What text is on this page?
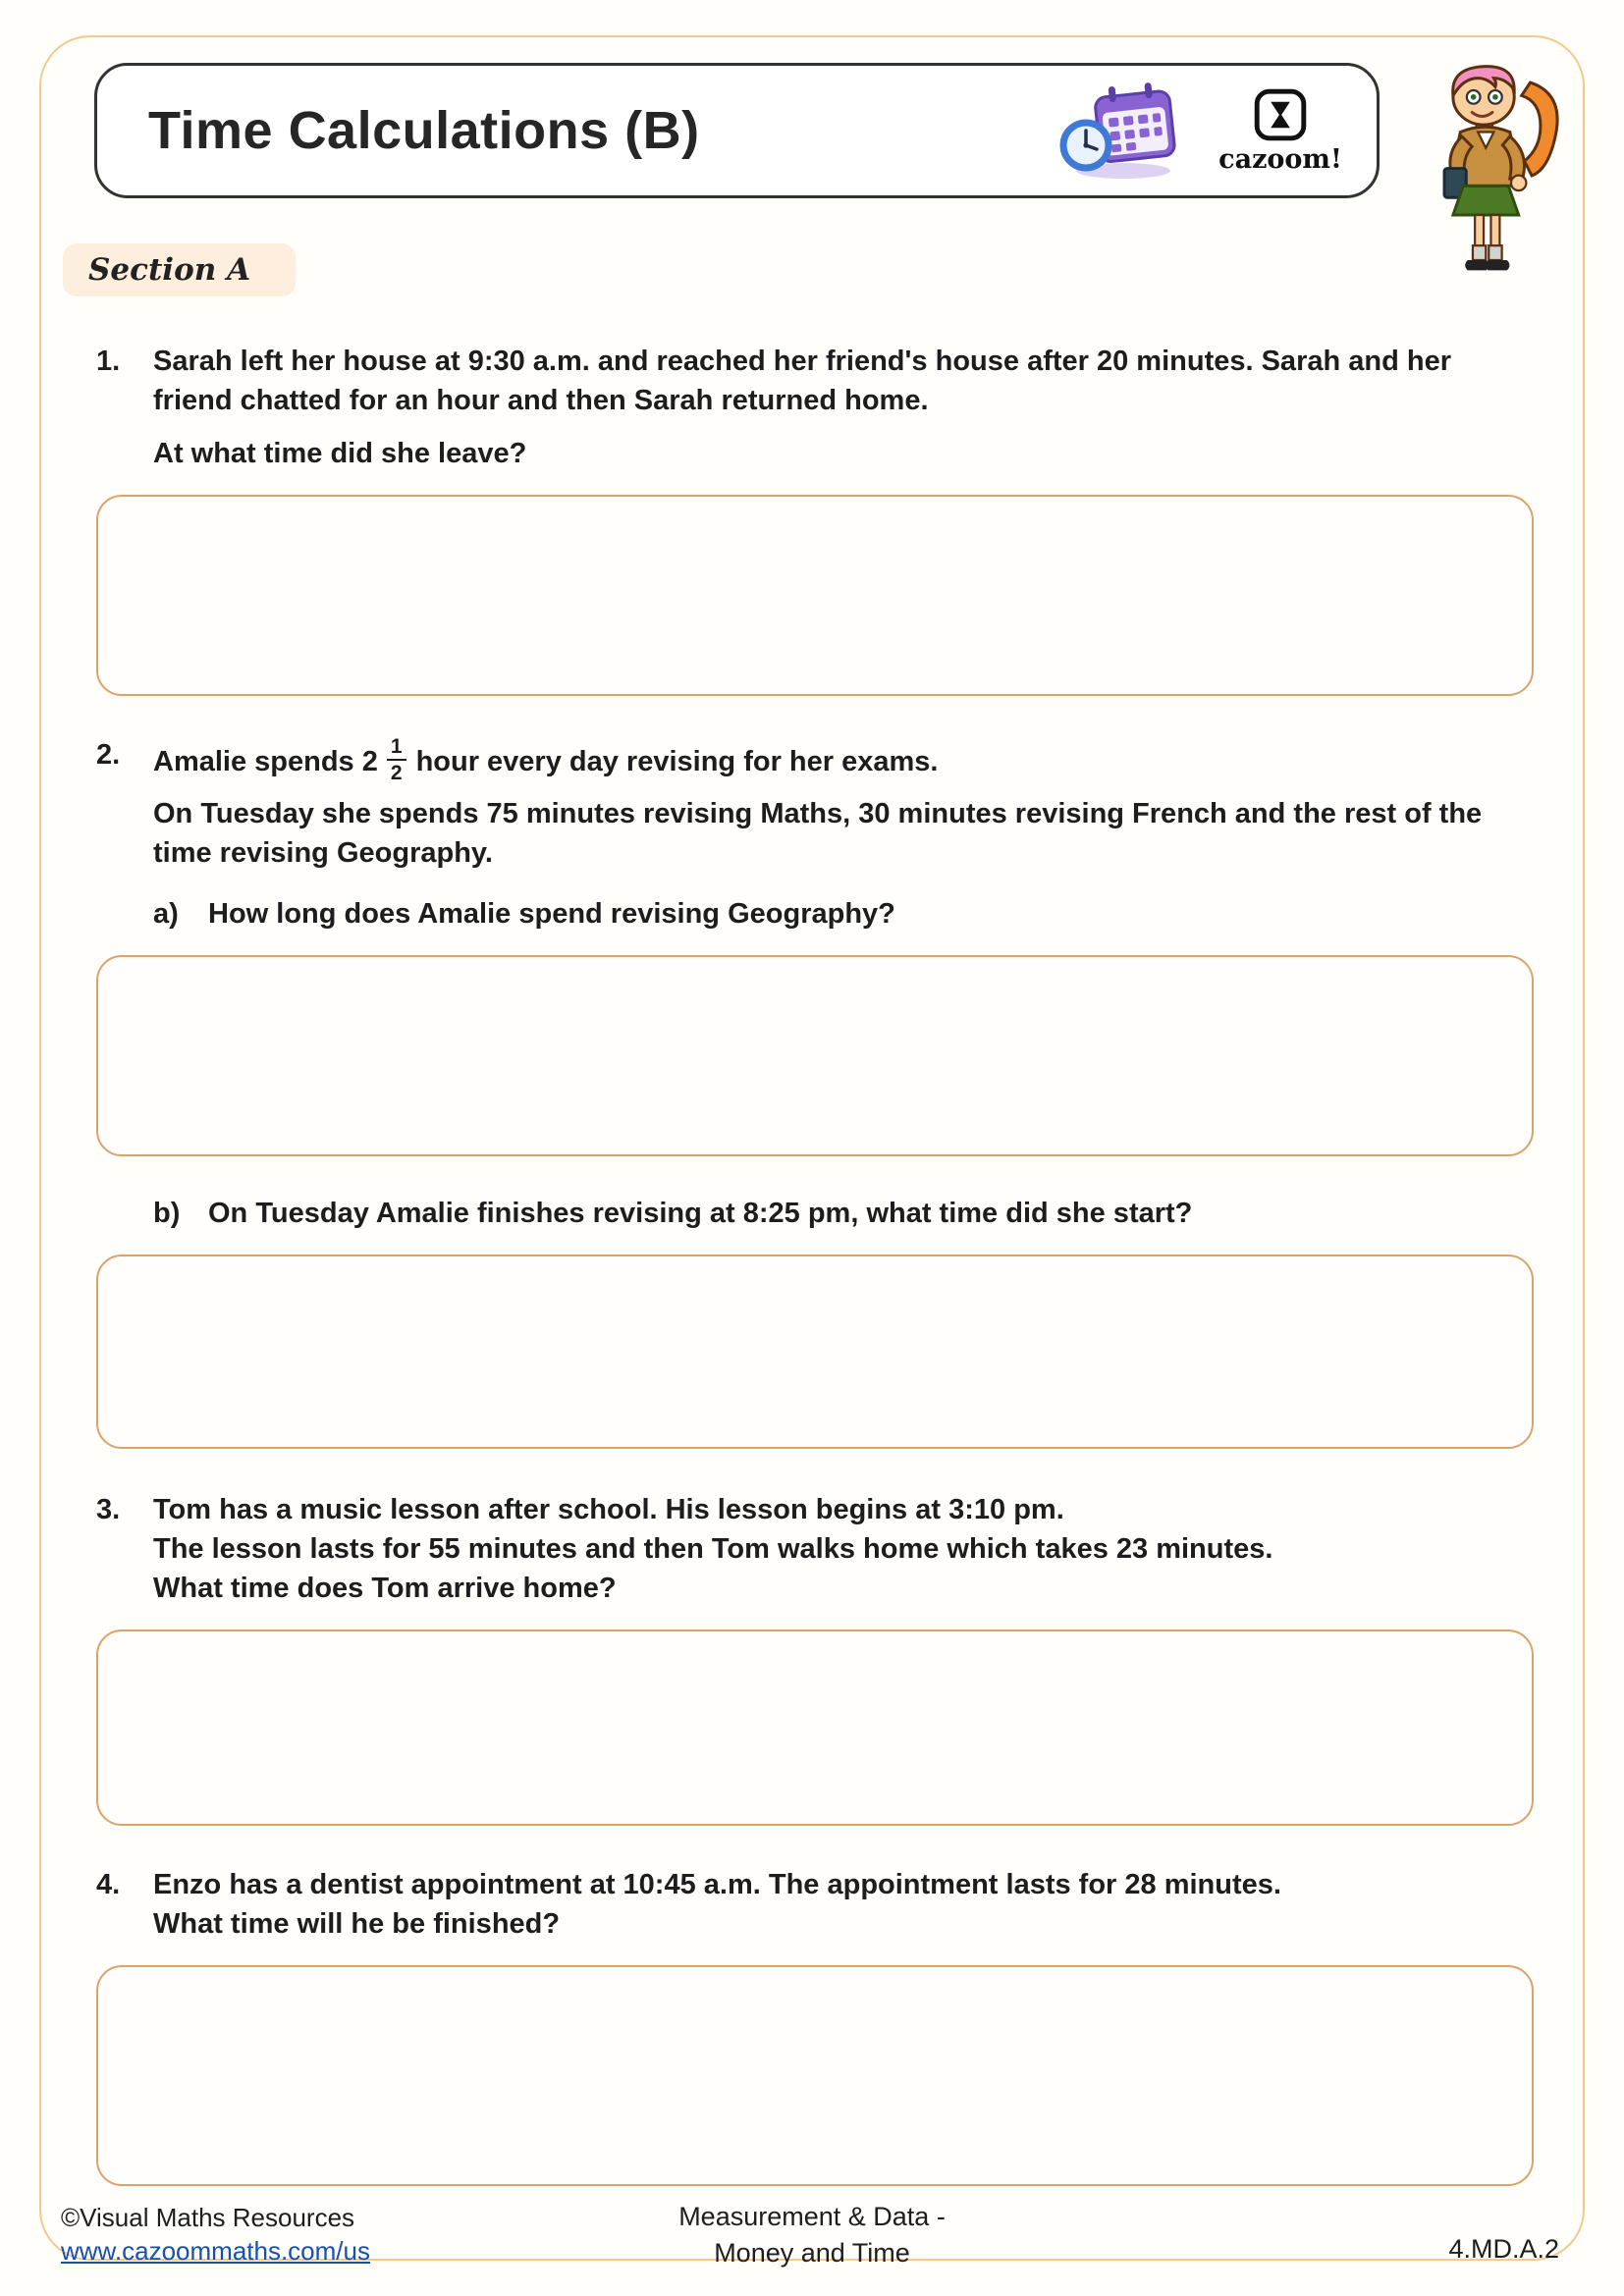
Time Calculations (B)	cazoom!
Section A
1.	Sarah left her house at 9:30 a.m. and reached her friend's house after 20 minutes. Sarah and her friend chatted for an hour and then Sarah returned home.

At what time did she leave?

2.	Amalie spends $2 \frac{1}{2}$ hour every day revising for her exams.

On Tuesday she spends 75 minutes revising Maths, 30 minutes revising French and the rest of the time revising Geography.

a)	How long does Amalie spend revising Geography?

b) On Tuesday Amalie finishes revising at 8:25 pm, what time did she start?

3.	Tom has a music lesson after school. His lesson begins at 3:10 pm.

The lesson lasts for 55 minutes and then Tom walks home which takes 23 minutes.

What time does Tom arrive home?

4.	Enzo has a dentist appointment at 10:45 a.m. The appointment lasts for 28 minutes.

What time will he be finished?

©Visual Maths Resources
www.cazoommaths.com/us
Measurement & Data -
Money and Time	4.MD.A.2
